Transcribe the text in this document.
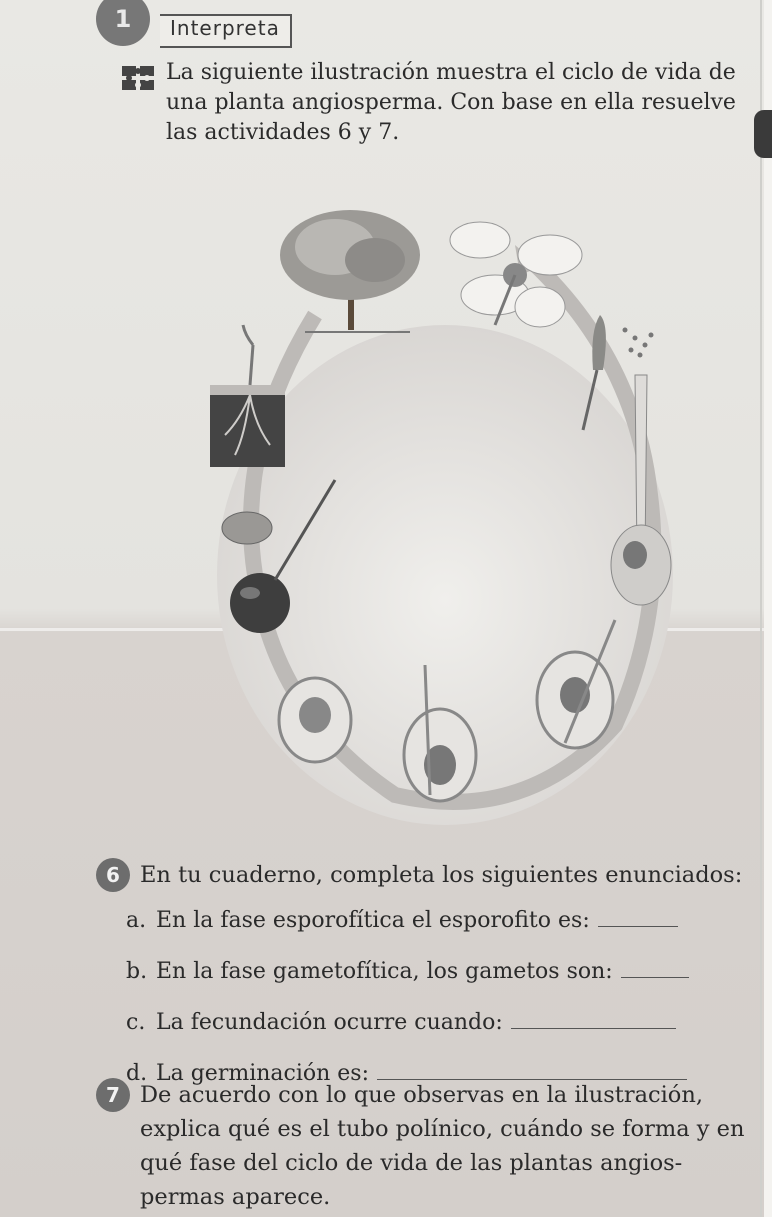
1	Interpreta
La siguiente ilustración muestra el ciclo de vida de una planta angiosperma. Con base en ella resuelve las actividades 6 y 7.
6 En tu cuaderno, completa los siguientes enunciados:
a. En la fase esporofítica el esporofito es:
b. En la fase gametofítica, los gametos son:
c. La fecundación ocurre cuando:
d. La germinación es:
7 De acuerdo con lo que observas en la ilustración, explica qué es el tubo polínico, cuándo se forma y en qué fase del ciclo de vida de las plantas angios-permas aparece.
